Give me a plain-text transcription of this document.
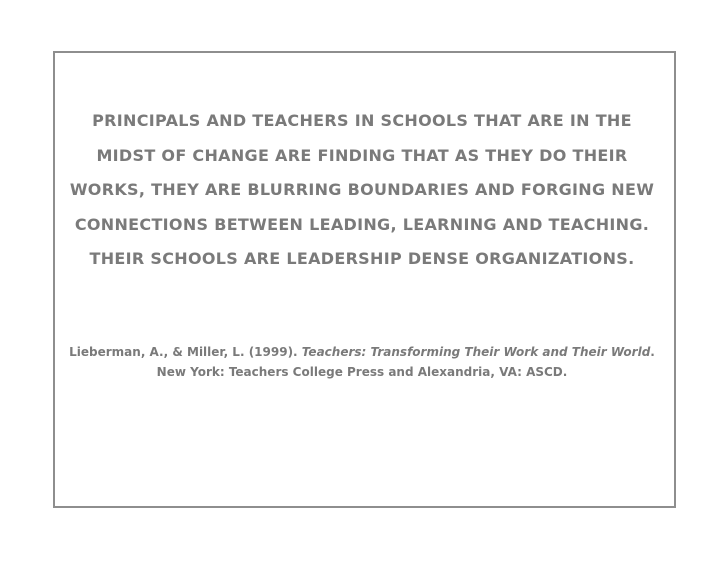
PRINCIPALS AND TEACHERS IN SCHOOLS THAT ARE IN THE MIDST OF CHANGE ARE FINDING THAT AS THEY DO THEIR WORKS, THEY ARE BLURRING BOUNDARIES AND FORGING NEW CONNECTIONS BETWEEN LEADING, LEARNING AND TEACHING. THEIR SCHOOLS ARE LEADERSHIP DENSE ORGANIZATIONS.

Lieberman, A., & Miller, L. (1999). Teachers: Transforming Their Work and Their World. New York: Teachers College Press and Alexandria, VA: ASCD.
